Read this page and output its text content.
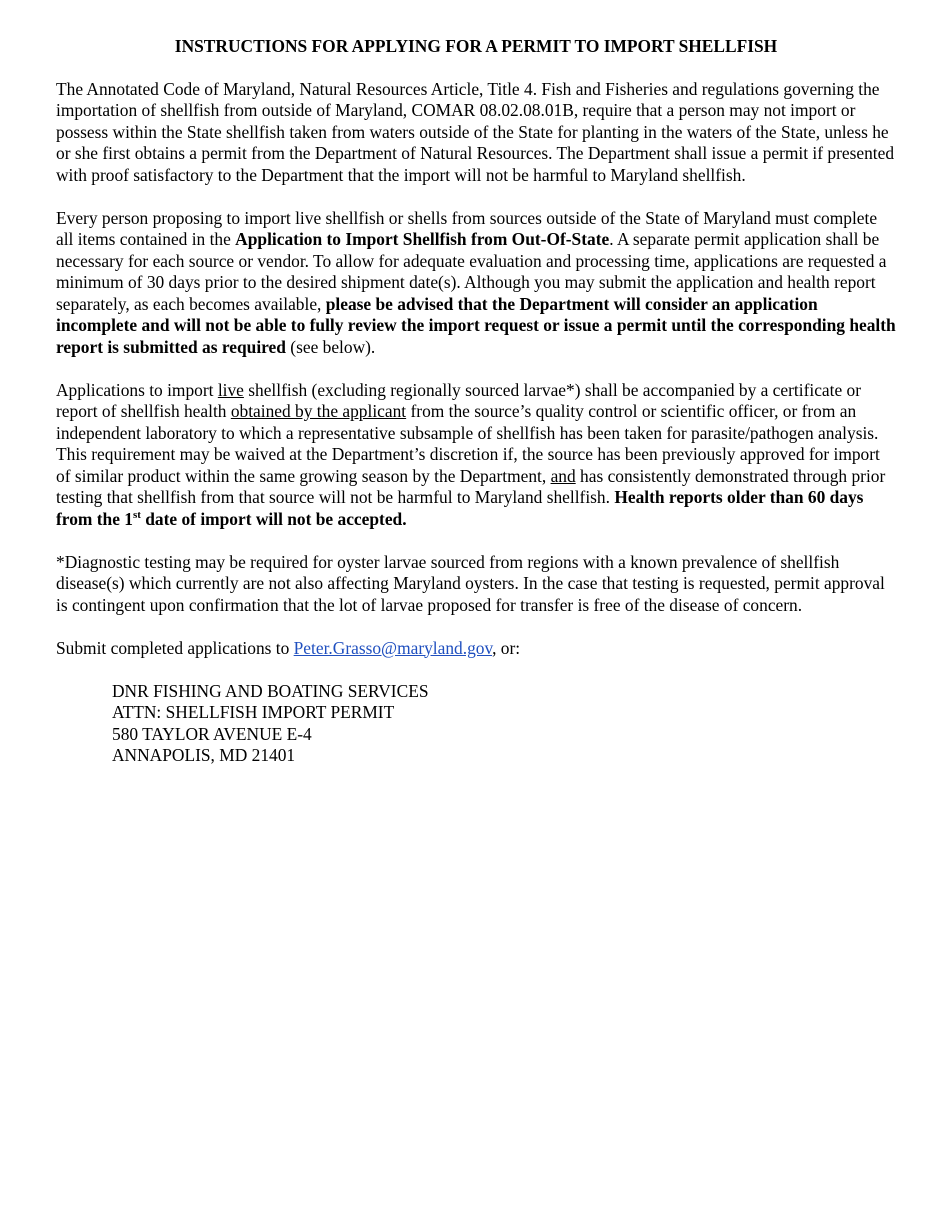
INSTRUCTIONS FOR APPLYING FOR A PERMIT TO IMPORT SHELLFISH

The Annotated Code of Maryland, Natural Resources Article, Title 4. Fish and Fisheries and regulations governing the importation of shellfish from outside of Maryland, COMAR 08.02.08.01B, require that a person may not import or possess within the State shellfish taken from waters outside of the State for planting in the waters of the State, unless he or she first obtains a permit from the Department of Natural Resources. The Department shall issue a permit if presented with proof satisfactory to the Department that the import will not be harmful to Maryland shellfish.

Every person proposing to import live shellfish or shells from sources outside of the State of Maryland must complete all items contained in the Application to Import Shellfish from Out-Of-State. A separate permit application shall be necessary for each source or vendor. To allow for adequate evaluation and processing time, applications are requested a minimum of 30 days prior to the desired shipment date(s). Although you may submit the application and health report separately, as each becomes available, please be advised that the Department will consider an application incomplete and will not be able to fully review the import request or issue a permit until the corresponding health report is submitted as required (see below).

Applications to import live shellfish (excluding regionally sourced larvae*) shall be accompanied by a certificate or report of shellfish health obtained by the applicant from the source’s quality control or scientific officer, or from an independent laboratory to which a representative subsample of shellfish has been taken for parasite/pathogen analysis. This requirement may be waived at the Department’s discretion if, the source has been previously approved for import of similar product within the same growing season by the Department, and has consistently demonstrated through prior testing that shellfish from that source will not be harmful to Maryland shellfish. Health reports older than 60 days from the 1st date of import will not be accepted.

*Diagnostic testing may be required for oyster larvae sourced from regions with a known prevalence of shellfish disease(s) which currently are not also affecting Maryland oysters. In the case that testing is requested, permit approval is contingent upon confirmation that the lot of larvae proposed for transfer is free of the disease of concern.

Submit completed applications to Peter.Grasso@maryland.gov, or:

DNR FISHING AND BOATING SERVICES
ATTN: SHELLFISH IMPORT PERMIT
580 TAYLOR AVENUE E-4
ANNAPOLIS, MD 21401
